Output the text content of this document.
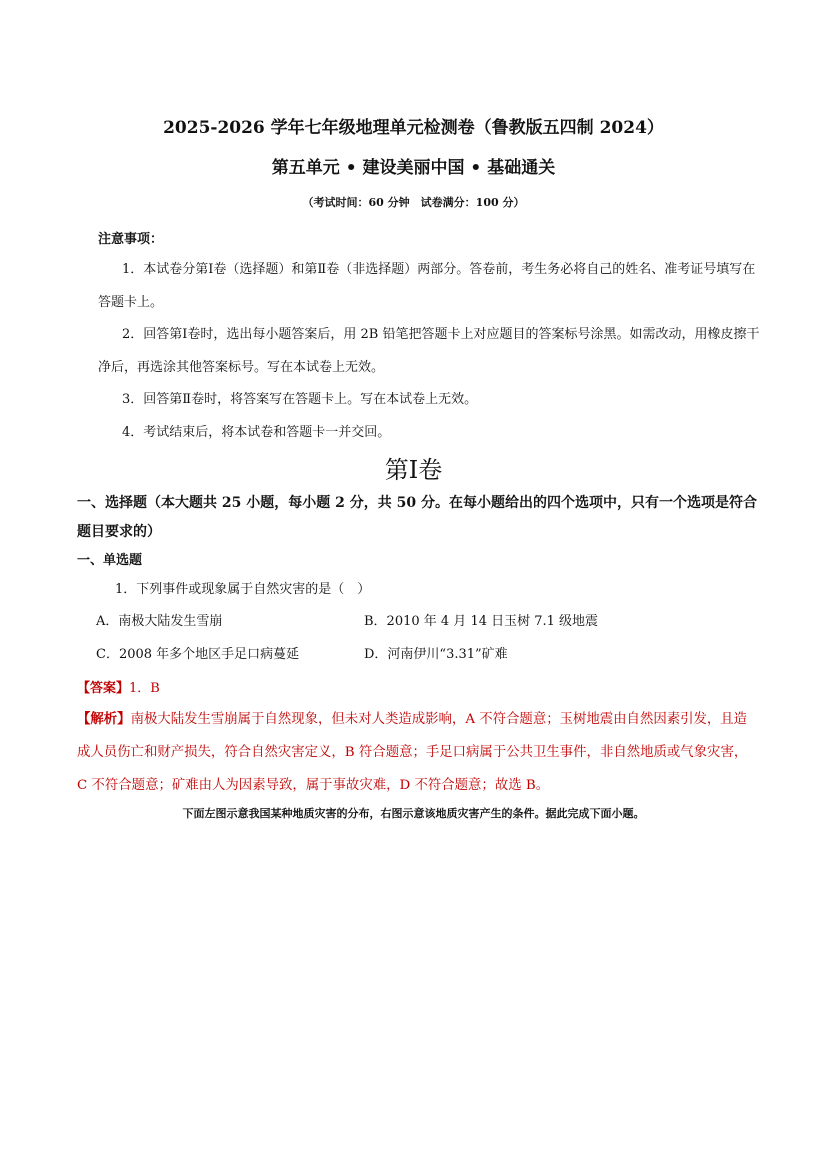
2025-2026 学年七年级地理单元检测卷（鲁教版五四制 2024）
第五单元 • 建设美丽中国 • 基础通关
（考试时间：60 分钟　试卷满分：100 分）
注意事项：
1．本试卷分第Ⅰ卷（选择题）和第Ⅱ卷（非选择题）两部分。答卷前，考生务必将自己的姓名、准考证号填写在答题卡上。
2．回答第Ⅰ卷时，选出每小题答案后，用 2B 铅笔把答题卡上对应题目的答案标号涂黑。如需改动，用橡皮擦干净后，再选涂其他答案标号。写在本试卷上无效。
3．回答第Ⅱ卷时，将答案写在答题卡上。写在本试卷上无效。
4．考试结束后，将本试卷和答题卡一并交回。
第Ⅰ卷
一、选择题（本大题共 25 小题，每小题 2 分，共 50 分。在每小题给出的四个选项中，只有一个选项是符合题目要求的）
一、单选题
1．下列事件或现象属于自然灾害的是（　）
A．南极大陆发生雪崩	B．2010 年 4 月 14 日玉树 7.1 级地震
C．2008 年多个地区手足口病蔓延	D．河南伊川“3.31”矿难
【答案】1．B
【解析】南极大陆发生雪崩属于自然现象，但未对人类造成影响，A 不符合题意；玉树地震由自然因素引发，且造成人员伤亡和财产损失，符合自然灾害定义，B 符合题意；手足口病属于公共卫生事件，非自然地质或气象灾害，C 不符合题意；矿难由人为因素导致，属于事故灾难，D 不符合题意；故选 B。
下面左图示意我国某种地质灾害的分布，右图示意该地质灾害产生的条件。据此完成下面小题。
